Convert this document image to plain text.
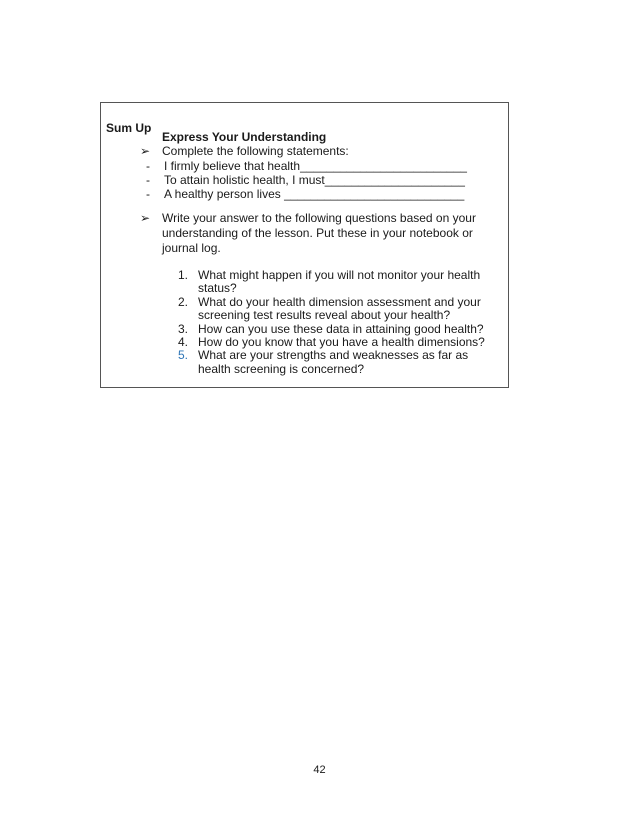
Sum Up
Express Your Understanding
➢ Complete the following statements:
- I firmly believe that health_________________________
- To attain holistic health, I must_____________________
- A healthy person lives ___________________________
➢ Write your answer to the following questions based on your
understanding of the lesson. Put these in your notebook or
journal log.
1. What might happen if you will not monitor your health
status?
2. What do your health dimension assessment and your
screening test results reveal about your health?
3. How can you use these data in attaining good health?
4. How do you know that you have a health dimensions?
5. What are your strengths and weaknesses as far as
health screening is concerned?
42
